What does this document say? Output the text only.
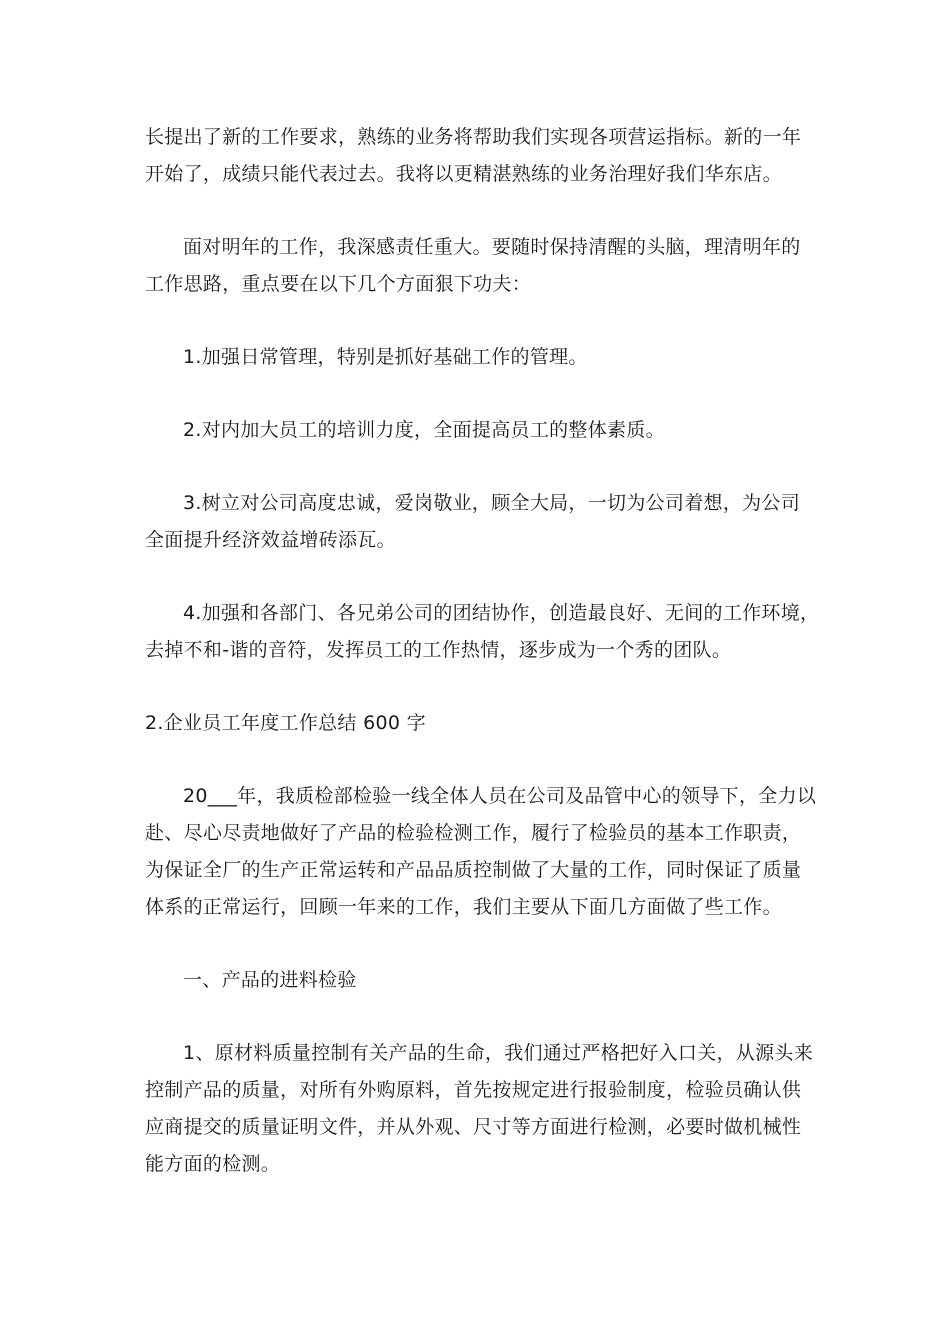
长提出了新的工作要求，熟练的业务将帮助我们实现各项营运指标。新的一年
开始了，成绩只能代表过去。我将以更精湛熟练的业务治理好我们华东店。
面对明年的工作，我深感责任重大。要随时保持清醒的头脑，理清明年的
工作思路，重点要在以下几个方面狠下功夫：
1.加强日常管理，特别是抓好基础工作的管理。
2.对内加大员工的培训力度，全面提高员工的整体素质。
3.树立对公司高度忠诚，爱岗敬业，顾全大局，一切为公司着想，为公司
全面提升经济效益增砖添瓦。
4.加强和各部门、各兄弟公司的团结协作，创造最良好、无间的工作环境，
去掉不和-谐的音符，发挥员工的工作热情，逐步成为一个秀的团队。
2.企业员工年度工作总结 600 字
20___年，我质检部检验一线全体人员在公司及品管中心的领导下，全力以
赴、尽心尽责地做好了产品的检验检测工作，履行了检验员的基本工作职责，
为保证全厂的生产正常运转和产品品质控制做了大量的工作，同时保证了质量
体系的正常运行，回顾一年来的工作，我们主要从下面几方面做了些工作。
一、产品的进料检验
1、原材料质量控制有关产品的生命，我们通过严格把好入口关，从源头来
控制产品的质量，对所有外购原料，首先按规定进行报验制度，检验员确认供
应商提交的质量证明文件，并从外观、尺寸等方面进行检测，必要时做机械性
能方面的检测。
